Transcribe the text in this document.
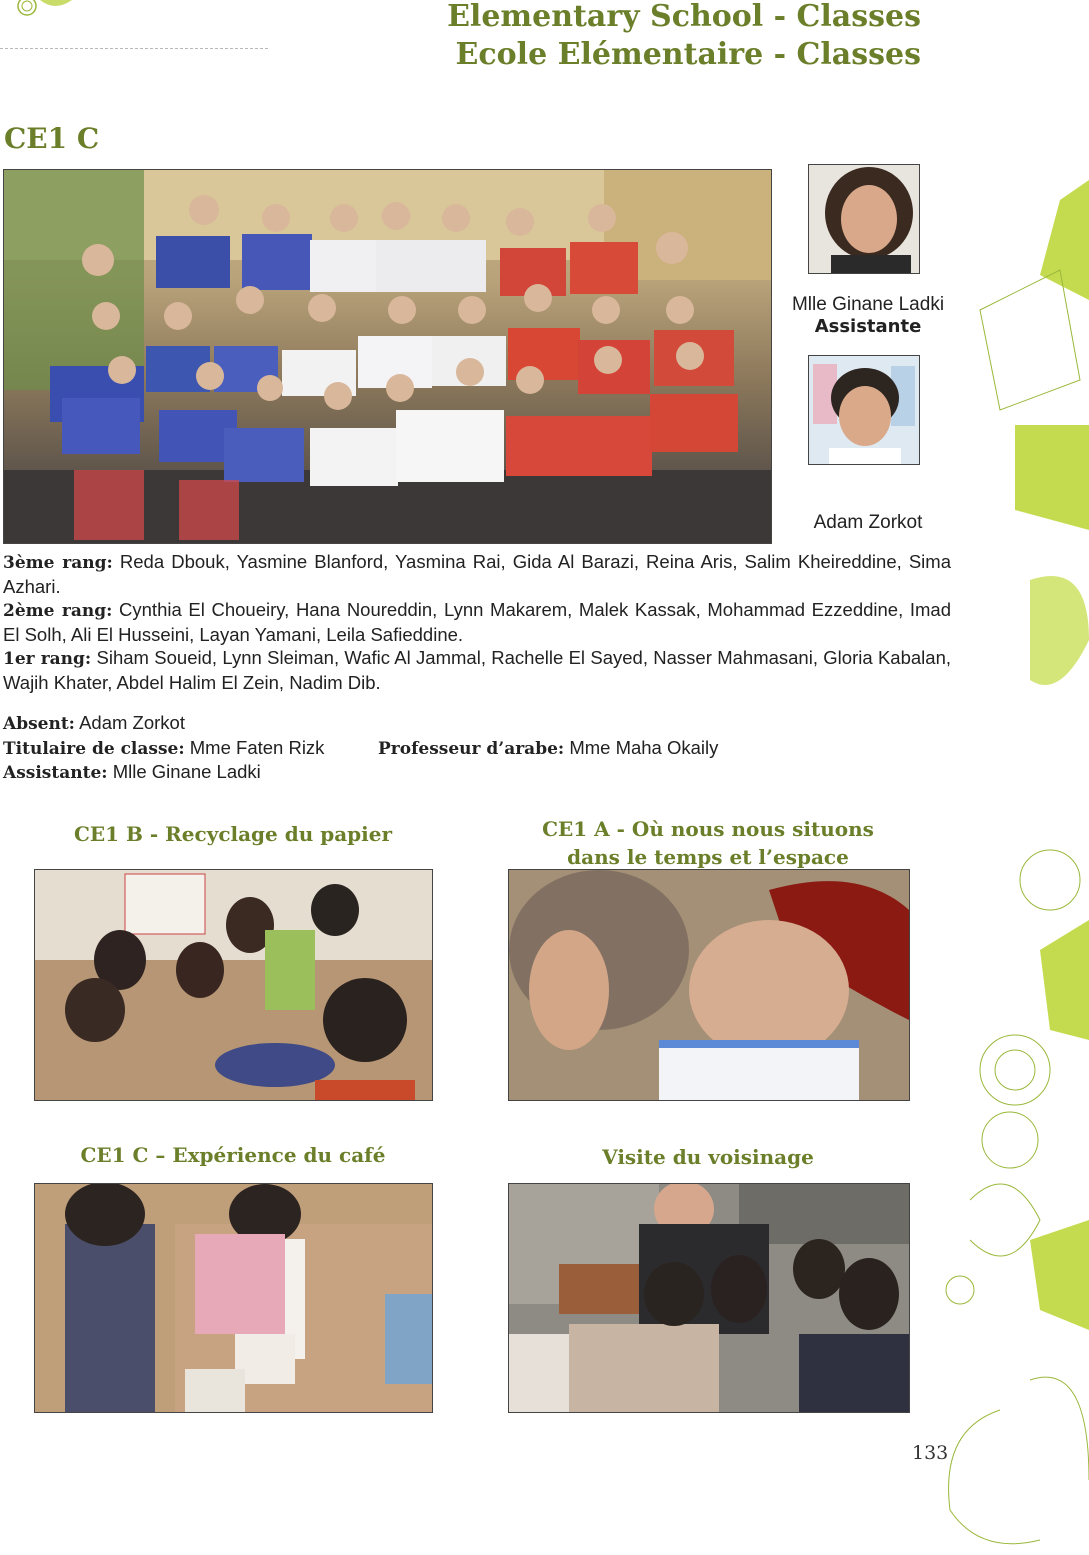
Elementary School - Classes
Ecole Elémentaire - Classes
CE1 C
Mlle Ginane Ladki
Assistante
Adam Zorkot
3ème rang: Reda Dbouk, Yasmine Blanford, Yasmina Rai, Gida Al Barazi, Reina Aris, Salim Kheireddine, Sima Azhari.
2ème rang: Cynthia El Choueiry, Hana Noureddin, Lynn Makarem, Malek Kassak, Mohammad Ezzeddine, Imad El Solh, Ali El Husseini, Layan Yamani, Leila Safieddine.
1er rang: Siham Soueid, Lynn Sleiman, Wafic Al Jammal, Rachelle El Sayed, Nasser Mahmasani, Gloria Kabalan, Wajih Khater, Abdel Halim El Zein, Nadim Dib.
Absent: Adam Zorkot
Titulaire de classe: Mme Faten Rizk	Professeur d’arabe: Mme Maha Okaily
Assistante: Mlle Ginane Ladki
CE1 B - Recyclage du papier	CE1 A - Où nous nous situons
dans le temps et l’espace
CE1 C – Expérience du café	Visite du voisinage
133
